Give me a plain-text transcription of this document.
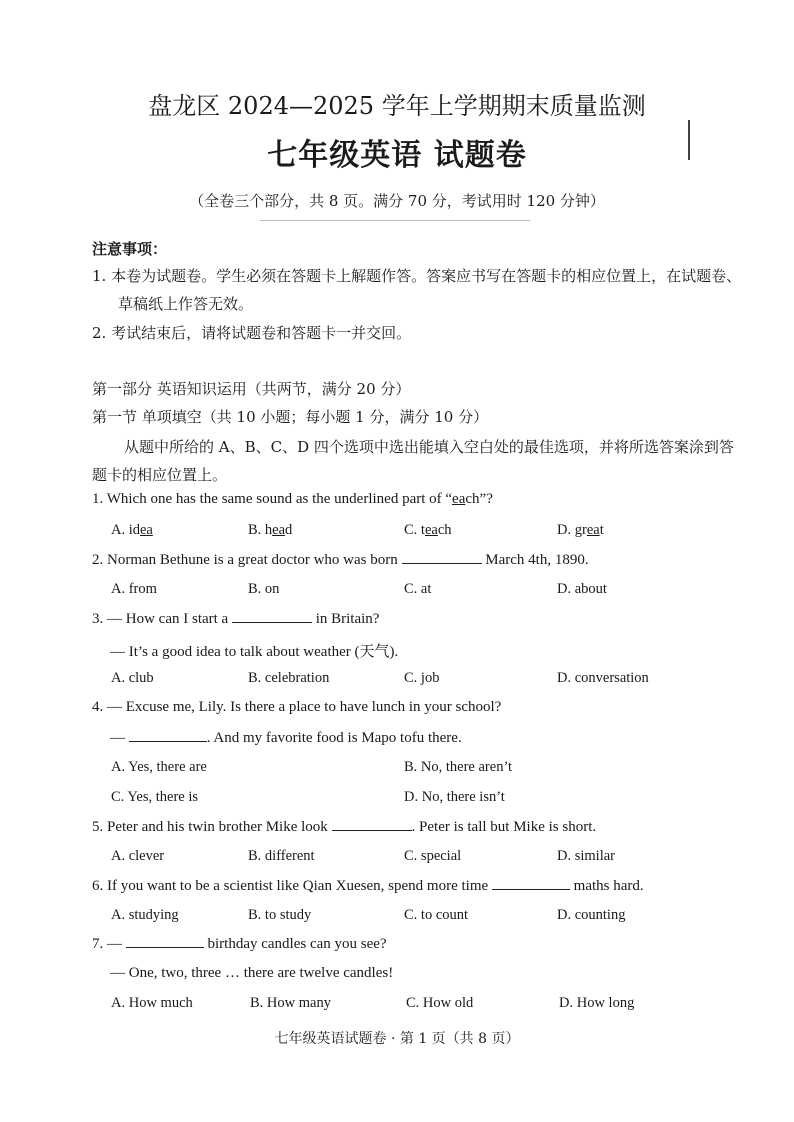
盘龙区 2024—2025 学年上学期期末质量监测
七年级英语 试题卷
（全卷三个部分，共 8 页。满分 70 分，考试用时 120 分钟）
注意事项：
1. 本卷为试题卷。学生必须在答题卡上解题作答。答案应书写在答题卡的相应位置上，在试题卷、
草稿纸上作答无效。
2. 考试结束后，请将试题卷和答题卡一并交回。
第一部分 英语知识运用（共两节，满分 20 分）
第一节 单项填空（共 10 小题；每小题 1 分，满分 10 分）
从题中所给的 A、B、C、D 四个选项中选出能填入空白处的最佳选项，并将所选答案涂到答
题卡的相应位置上。
1. Which one has the same sound as the underlined part of “each”?
A. idea	B. head	C. teach	D. great
2. Norman Bethune is a great doctor who was born	March 4th, 1890.
A. from	B. on	C. at	D. about
3. — How can I start a	in Britain?
— It’s a good idea to talk about weather (天气).
A. club	B. celebration	C. job	D. conversation
4. — Excuse me, Lily. Is there a place to have lunch in your school?
—	. And my favorite food is Mapo tofu there.
A. Yes, there are	B. No, there aren’t
C. Yes, there is	D. No, there isn’t
5. Peter and his twin brother Mike look	. Peter is tall but Mike is short.
A. clever	B. different	C. special	D. similar
6. If you want to be a scientist like Qian Xuesen, spend more time	maths hard.
A. studying	B. to study	C. to count	D. counting
7. —	birthday candles can you see?
— One, two, three … there are twelve candles!
A. How much	B. How many	C. How old	D. How long
七年级英语试题卷 · 第 1 页（共 8 页）
